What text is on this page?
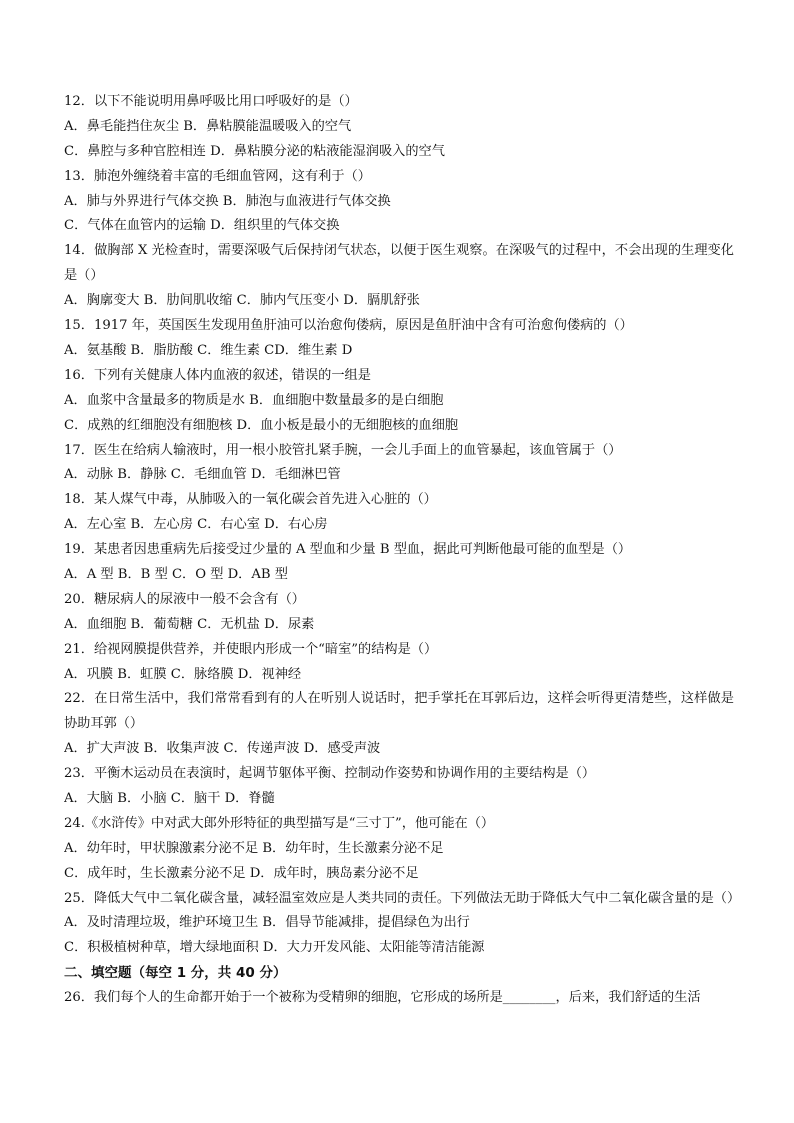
12．以下不能说明用鼻呼吸比用口呼吸好的是（）
A．鼻毛能挡住灰尘 B．鼻粘膜能温暖吸入的空气
C．鼻腔与多种官腔相连 D．鼻粘膜分泌的粘液能湿润吸入的空气
13．肺泡外缠绕着丰富的毛细血管网，这有利于（）
A．肺与外界进行气体交换 B．肺泡与血液进行气体交换
C．气体在血管内的运输 D．组织里的气体交换
14．做胸部 X 光检查时，需要深吸气后保持闭气状态，以便于医生观察。在深吸气的过程中，不会出现的生理变化是（）
A．胸廓变大 B．肋间肌收缩 C．肺内气压变小 D．膈肌舒张
15．1917 年，英国医生发现用鱼肝油可以治愈佝偻病，原因是鱼肝油中含有可治愈佝偻病的（）
A．氨基酸 B．脂肪酸 C．维生素 CD．维生素 D
16．下列有关健康人体内血液的叙述，错误的一组是
A．血浆中含量最多的物质是水 B．血细胞中数量最多的是白细胞
C．成熟的红细胞没有细胞核 D．血小板是最小的无细胞核的血细胞
17．医生在给病人输液时，用一根小胶管扎紧手腕，一会儿手面上的血管暴起，该血管属于（）
A．动脉 B．静脉 C．毛细血管 D．毛细淋巴管
18．某人煤气中毒，从肺吸入的一氧化碳会首先进入心脏的（）
A．左心室 B．左心房 C．右心室 D．右心房
19．某患者因患重病先后接受过少量的 A 型血和少量 B 型血，据此可判断他最可能的血型是（）
A．A 型 B．B 型 C．O 型 D．AB 型
20．糖尿病人的尿液中一般不会含有（）
A．血细胞 B．葡萄糖 C．无机盐 D．尿素
21．给视网膜提供营养，并使眼内形成一个“暗室”的结构是（）
A．巩膜 B．虹膜 C．脉络膜 D．视神经
22．在日常生活中，我们常常看到有的人在听别人说话时，把手掌托在耳郭后边，这样会听得更清楚些，这样做是协助耳郭（）
A．扩大声波 B．收集声波 C．传递声波 D．感受声波
23．平衡木运动员在表演时，起调节躯体平衡、控制动作姿势和协调作用的主要结构是（）
A．大脑 B．小脑 C．脑干 D．脊髓
24.《水浒传》中对武大郎外形特征的典型描写是“三寸丁”，他可能在（）
A．幼年时，甲状腺激素分泌不足 B．幼年时，生长激素分泌不足
C．成年时，生长激素分泌不足 D．成年时，胰岛素分泌不足
25．降低大气中二氧化碳含量，减轻温室效应是人类共同的责任。下列做法无助于降低大气中二氧化碳含量的是（）
A．及时清理垃圾，维护环境卫生 B．倡导节能减排，提倡绿色为出行
C．积极植树种草，增大绿地面积 D．大力开发风能、太阳能等清洁能源
二、填空题（每空 1 分，共 40 分）
26．我们每个人的生命都开始于一个被称为受精卵的细胞，它形成的场所是________，后来，我们舒适的生活
